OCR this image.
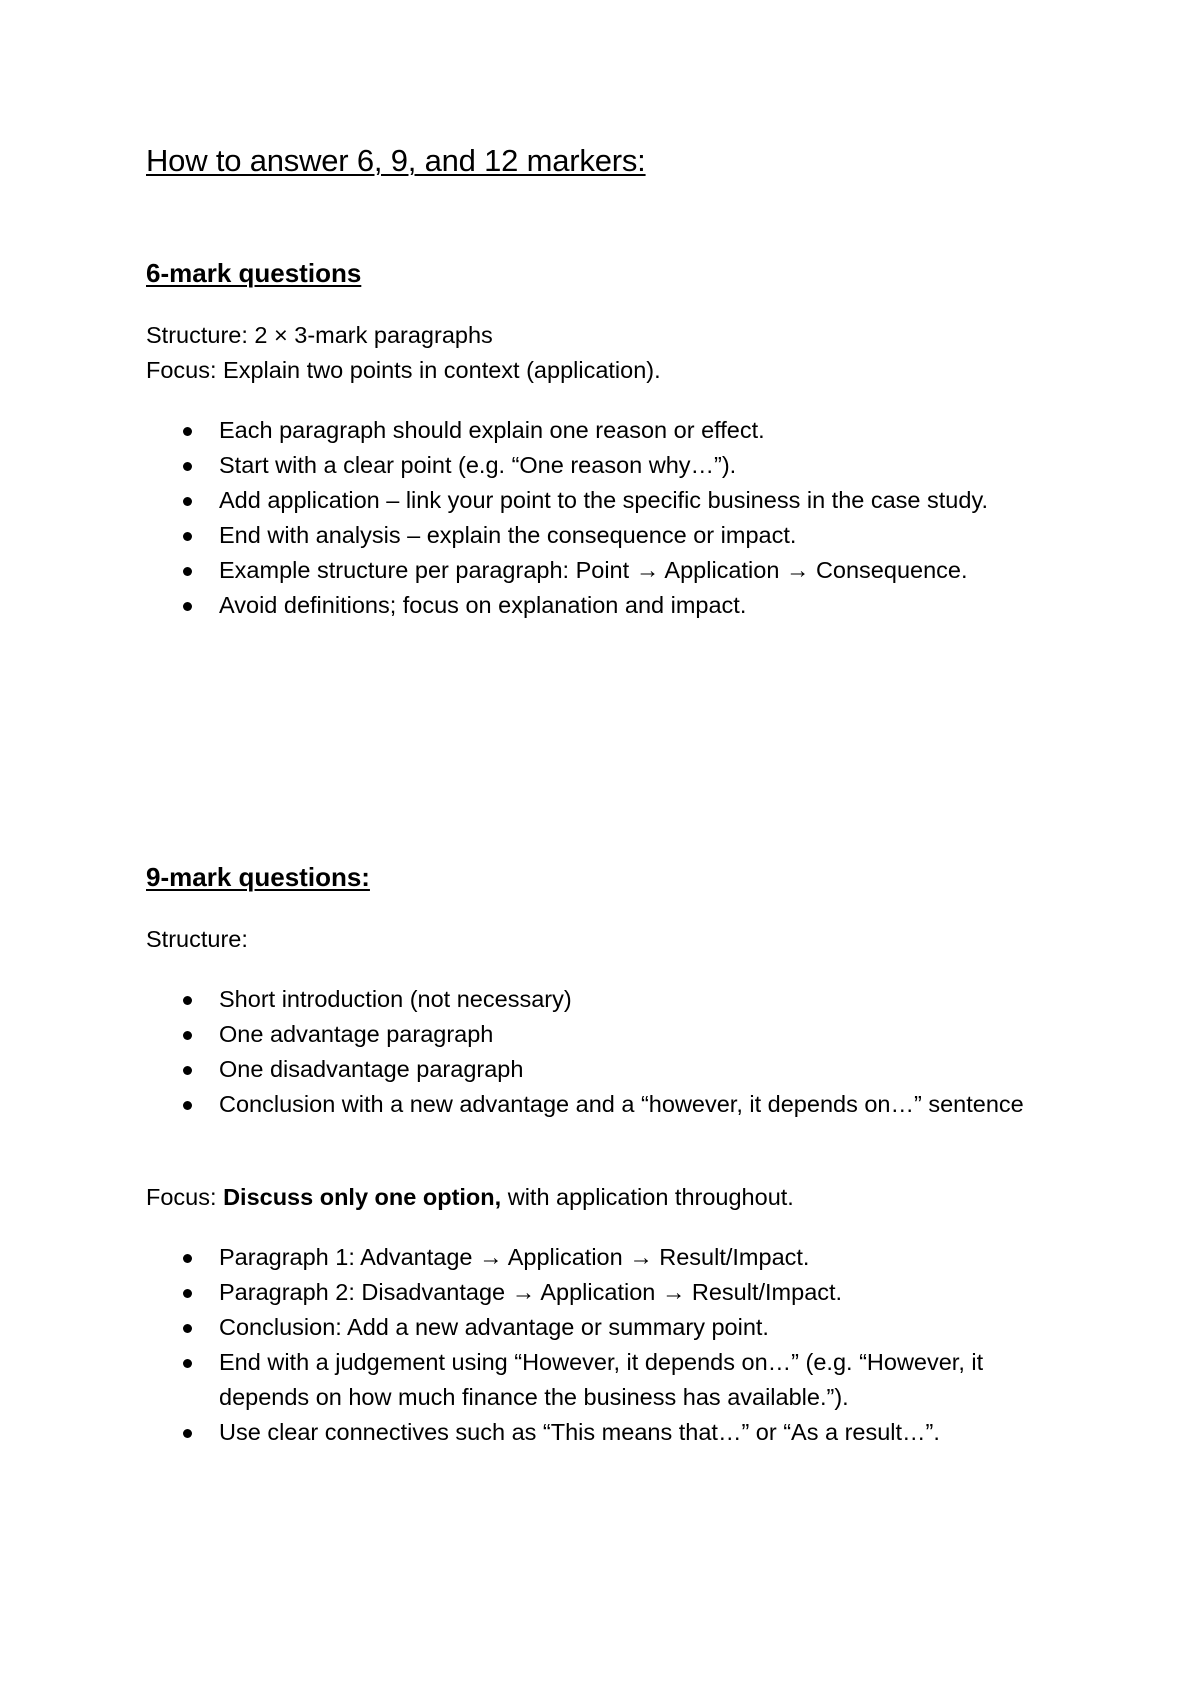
How to answer 6, 9, and 12 markers:
6-mark questions

Structure: 2 × 3-mark paragraphs

Focus: Explain two points in context (application).

Each paragraph should explain one reason or effect.
Start with a clear point (e.g. “One reason why…”).
Add application – link your point to the specific business in the case study.
End with analysis – explain the consequence or impact.
Example structure per paragraph: Point → Application → Consequence.
Avoid definitions; focus on explanation and impact.
9-mark questions:

Structure:

Short introduction (not necessary)
One advantage paragraph
One disadvantage paragraph
Conclusion with a new advantage and a “however, it depends on…” sentence

Focus: Discuss only one option, with application throughout.

Paragraph 1: Advantage → Application → Result/Impact.
Paragraph 2: Disadvantage → Application → Result/Impact.
Conclusion: Add a new advantage or summary point.
End with a judgement using “However, it depends on…” (e.g. “However, it depends on how much finance the business has available.”).
Use clear connectives such as “This means that…” or “As a result…”.
